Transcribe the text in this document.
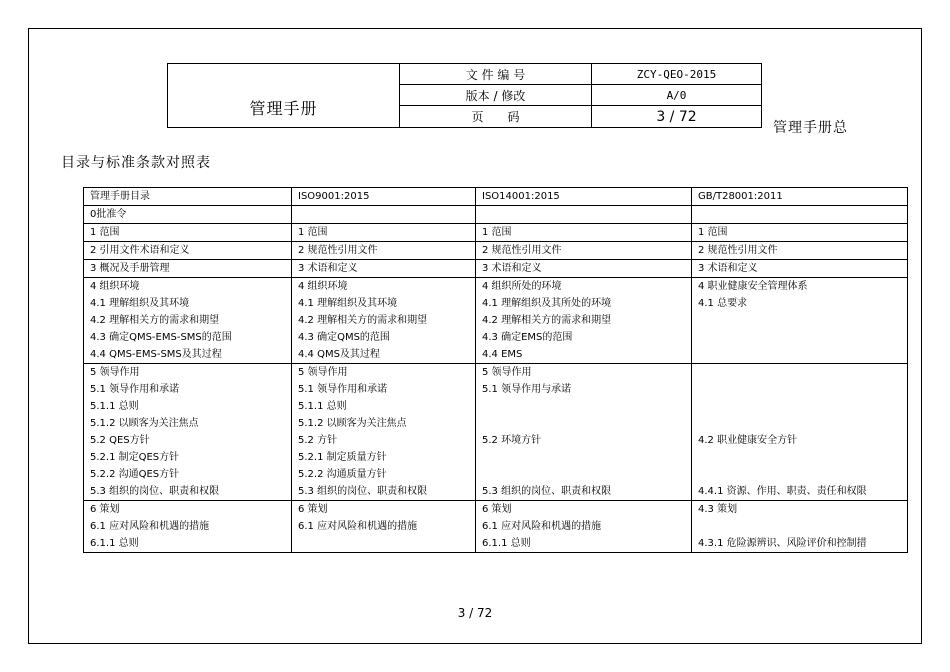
管理手册
文 件 编 号	ZCY-QEO-2015
版本 / 修改	A/0
页　　码	3 / 72
管理手册总
目录与标准条款对照表
管理手册目录	ISO9001:2015	ISO14001:2015	GB/T28001:2011
0批准令			
1 范围	1 范围	1 范围	1 范围
2 引用文件术语和定义	2 规范性引用文件	2 规范性引用文件	2 规范性引用文件
3 概况及手册管理	3 术语和定义	3 术语和定义	3 术语和定义
4 组织环境	4 组织环境	4 组织所处的环境	4 职业健康安全管理体系
4.1 理解组织及其环境	4.1 理解组织及其环境	4.1 理解组织及其所处的环境	4.1 总要求
4.2 理解相关方的需求和期望	4.2 理解相关方的需求和期望	4.2 理解相关方的需求和期望	
4.3 确定QMS-EMS-SMS的范围	4.3 确定QMS的范围	4.3 确定EMS的范围	
4.4 QMS-EMS-SMS及其过程	4.4 QMS及其过程	4.4 EMS	
5 领导作用	5 领导作用	5 领导作用	
5.1 领导作用和承诺	5.1 领导作用和承诺	5.1 领导作用与承诺	
5.1.1 总则	5.1.1 总则		
5.1.2 以顾客为关注焦点	5.1.2 以顾客为关注焦点		
5.2 QES方针	5.2 方针	5.2 环境方针	4.2 职业健康安全方针
5.2.1 制定QES方针	5.2.1 制定质量方针		
5.2.2 沟通QES方针	5.2.2 沟通质量方针		
5.3 组织的岗位、职责和权限	5.3 组织的岗位、职责和权限	5.3 组织的岗位、职责和权限	4.4.1 资源、作用、职责、责任和权限
6 策划	6 策划	6 策划	4.3 策划
6.1 应对风险和机遇的措施	6.1 应对风险和机遇的措施	6.1 应对风险和机遇的措施	
6.1.1 总则		6.1.1 总则	4.3.1 危险源辨识、风险评价和控制措
3 / 72
